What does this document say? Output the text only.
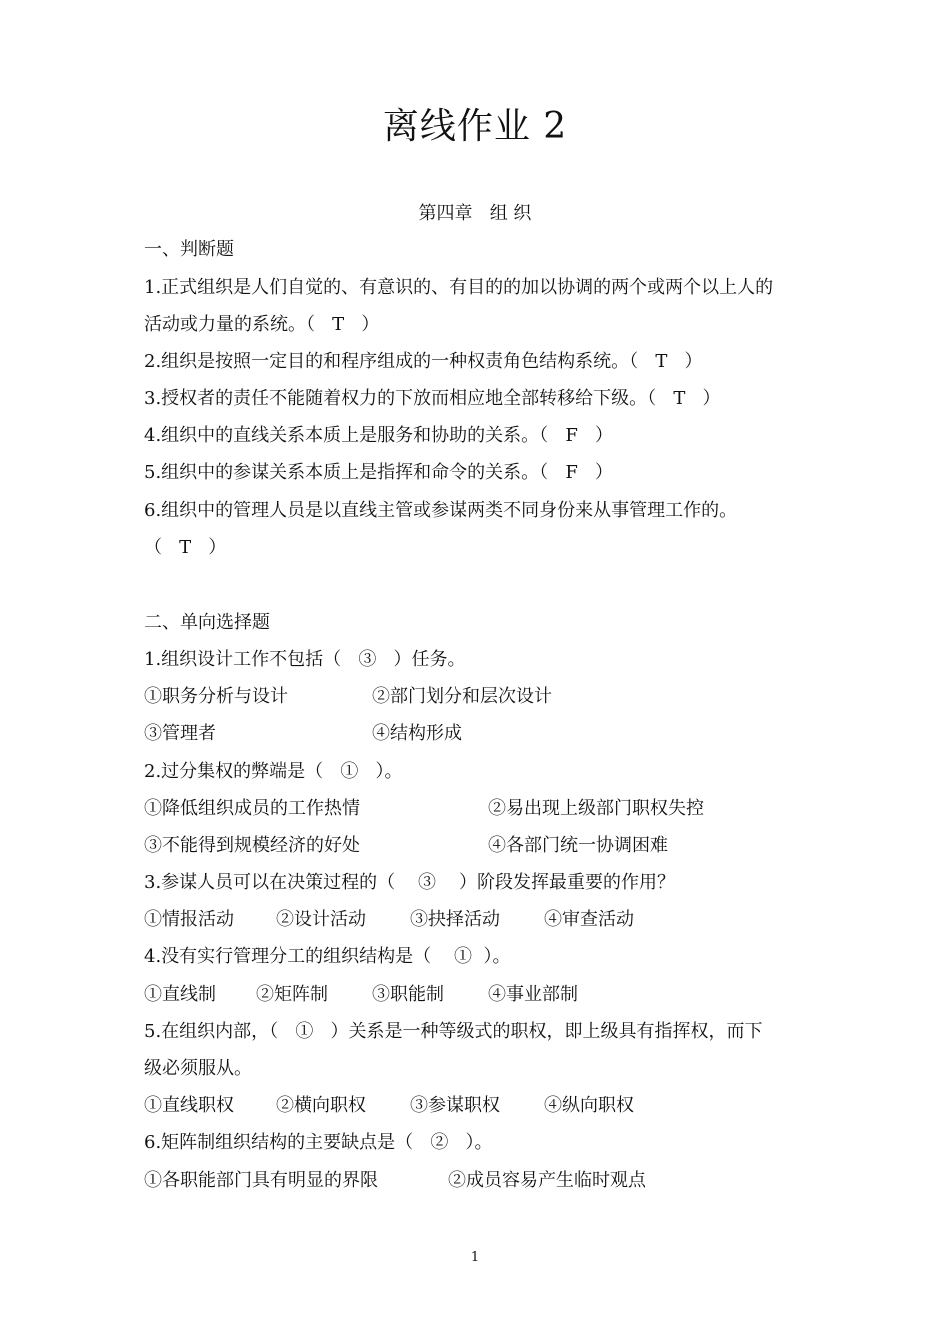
离线作业 2
第四章   组 织
一、判断题
1.正式组织是人们自觉的、有意识的、有目的的加以协调的两个或两个以上人的
活动或力量的系统。（   T   ）
2.组织是按照一定目的和程序组成的一种权责角色结构系统。（   T   ）
3.授权者的责任不能随着权力的下放而相应地全部转移给下级。（   T   ）
4.组织中的直线关系本质上是服务和协助的关系。（   F   ）
5.组织中的参谋关系本质上是指挥和命令的关系。（   F   ）
6.组织中的管理人员是以直线主管或参谋两类不同身份来从事管理工作的。
（   T   ）
二、单向选择题
1.组织设计工作不包括（   ③   ）任务。
①职务分析与设计	②部门划分和层次设计
③管理者	④结构形成
2.过分集权的弊端是（   ①   ）。
①降低组织成员的工作热情	②易出现上级部门职权失控
③不能得到规模经济的好处	④各部门统一协调困难
3.参谋人员可以在决策过程的（    ③    ）阶段发挥最重要的作用？
①情报活动 ②设计活动 ③抉择活动 ④审查活动
4.没有实行管理分工的组织结构是（    ①  ）。
①直线制 ②矩阵制 ③职能制 ④事业部制
5.在组织内部，（   ①   ）关系是一种等级式的职权，即上级具有指挥权，而下
级必须服从。
①直线职权 ②横向职权 ③参谋职权 ④纵向职权
6.矩阵制组织结构的主要缺点是（   ②   ）。
①各职能部门具有明显的界限	②成员容易产生临时观点
1
